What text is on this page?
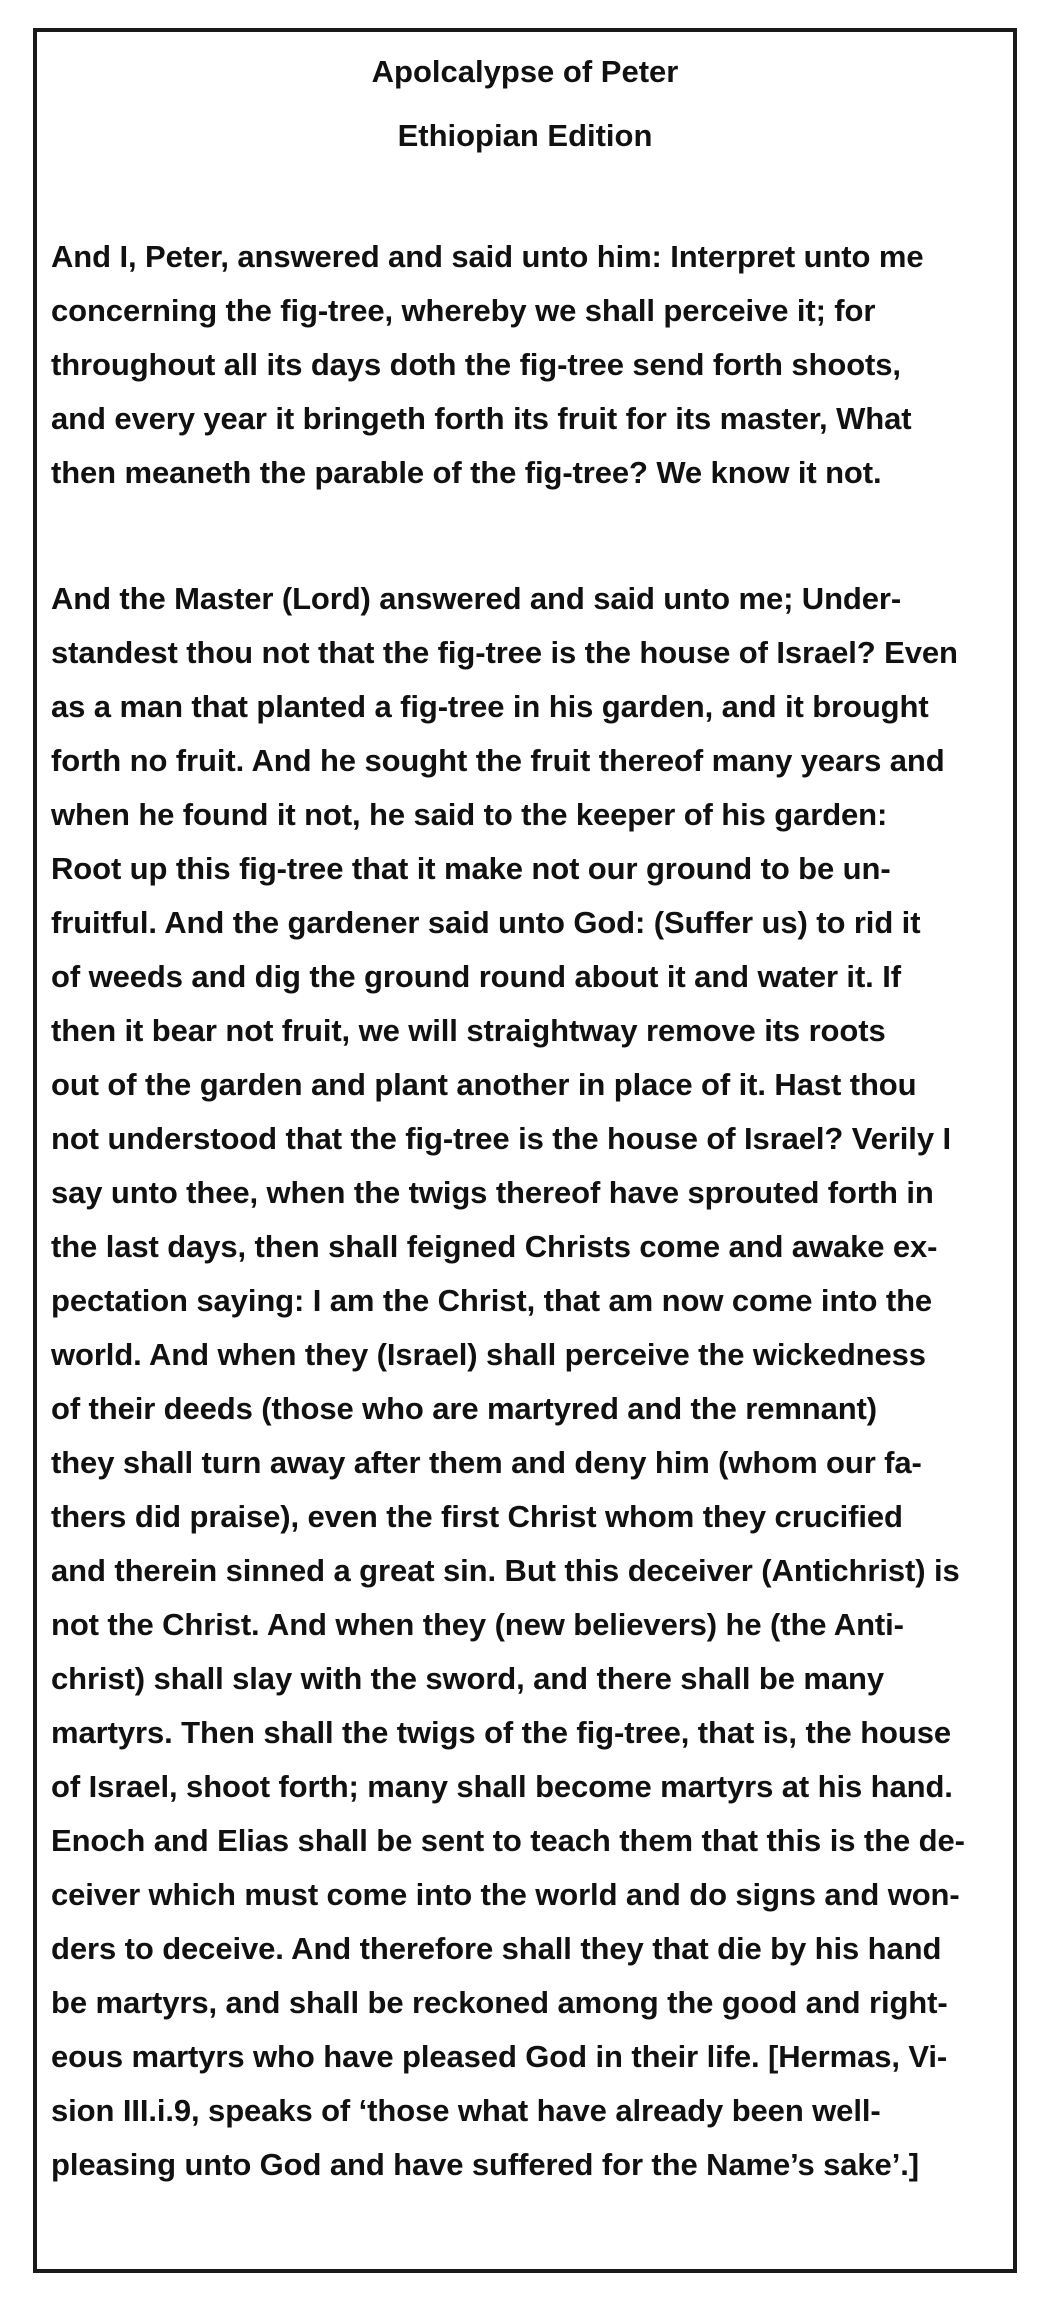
Apolcalypse of Peter
Ethiopian Edition

And I, Peter, answered and said unto him: Interpret unto me
concerning the fig-tree, whereby we shall perceive it; for
throughout all its days doth the fig-tree send forth shoots,
and every year it bringeth forth its fruit for its master, What
then meaneth the parable of the fig-tree? We know it not.

And the Master (Lord) answered and said unto me; Under-
standest thou not that the fig-tree is the house of Israel? Even
as a man that planted a fig-tree in his garden, and it brought
forth no fruit. And he sought the fruit thereof many years and
when he found it not, he said to the keeper of his garden:
Root up this fig-tree that it make not our ground to be un-
fruitful. And the gardener said unto God: (Suffer us) to rid it
of weeds and dig the ground round about it and water it. If
then it bear not fruit, we will straightway remove its roots
out of the garden and plant another in place of it. Hast thou
not understood that the fig-tree is the house of Israel? Verily I
say unto thee, when the twigs thereof have sprouted forth in
the last days, then shall feigned Christs come and awake ex-
pectation saying: I am the Christ, that am now come into the
world. And when they (Israel) shall perceive the wickedness
of their deeds (those who are martyred and the remnant)
they shall turn away after them and deny him (whom our fa-
thers did praise), even the first Christ whom they crucified
and therein sinned a great sin. But this deceiver (Antichrist) is
not the Christ. And when they (new believers) he (the Anti-
christ) shall slay with the sword, and there shall be many
martyrs. Then shall the twigs of the fig-tree, that is, the house
of Israel, shoot forth; many shall become martyrs at his hand.
Enoch and Elias shall be sent to teach them that this is the de-
ceiver which must come into the world and do signs and won-
ders to deceive. And therefore shall they that die by his hand
be martyrs, and shall be reckoned among the good and right-
eous martyrs who have pleased God in their life. [Hermas, Vi-
sion III.i.9, speaks of ‘those what have already been well-
pleasing unto God and have suffered for the Name’s sake’.]
